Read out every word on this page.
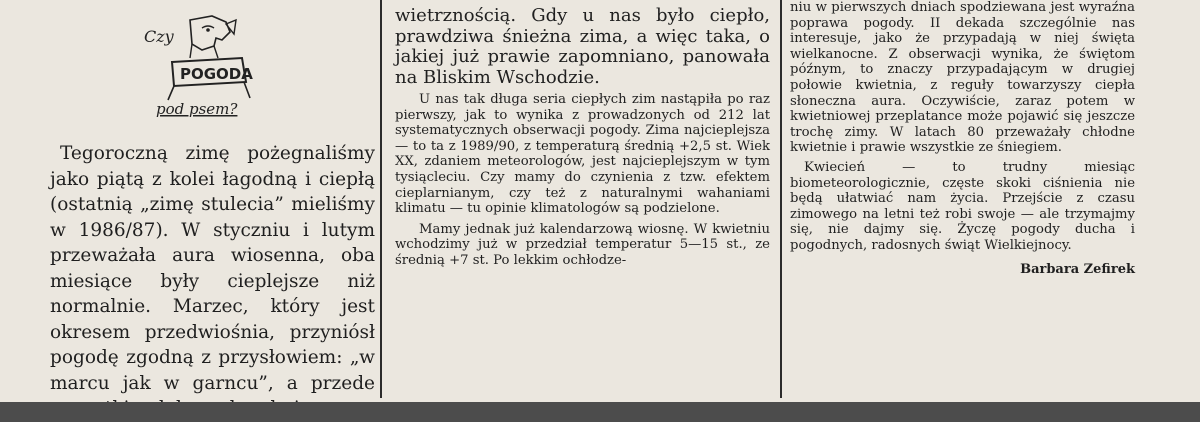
Czy
POGODA
pod psem?
Tegoroczną zimę pożegnaliśmy jako piątą z kolei łagodną i ciepłą (ostatnią „zimę stulecia” mieliśmy w 1986/87). W styczniu i lutym przeważała aura wiosenna, oba miesiące były cieplejsze niż normalnie. Marzec, który jest okresem przedwiośnia, przyniósł pogodę zgodną z przysłowiem: „w marcu jak w garncu”, a przede

wietrznością. Gdy u nas było ciepło, prawdziwa śnieżna zima, a więc taka, o jakiej już prawie zapomniano, panowała na Bliskim Wschodzie.

U nas tak długa seria ciepłych zim nastąpiła po raz pierwszy, jak to wynika z prowadzonych od 212 lat systematycznych obserwacji pogody. Zima najcieplejsza — to ta z 1989/90, z temperaturą średnią +2,5 st. Wiek XX, zdaniem meteorologów, jest najcieplejszym w tym tysiącleciu. Czy mamy do czynienia z tzw. efektem cieplarnianym, czy też z naturalnymi wahaniami klimatu — tu opinie klimatologów są podzielone.

Mamy jednak już kalendarzową wiosnę. W kwietniu wchodzimy już w przedział temperatur 5—15 st., ze średnią +7 st. Po lekkim ochłodze-

niu w pierwszych dniach spodziewana jest wyraźna poprawa pogody. II dekada szczególnie nas interesuje, jako że przypadają w niej święta wielkanocne. Z obserwacji wynika, że świętom późnym, to znaczy przypadającym w drugiej połowie kwietnia, z reguły towarzyszy ciepła słoneczna aura. Oczywiście, zaraz potem w kwietniowej przeplatance może pojawić się jeszcze trochę zimy. W latach 80 przeważały chłodne kwietnie i prawie wszystkie ze śniegiem.

Kwiecień — to trudny miesiąc biometeorologicznie, częste skoki ciśnienia nie będą ułatwiać nam życia. Przejście z czasu zimowego na letni też robi swoje — ale trzymajmy się, nie dajmy się. Życzę pogody ducha i pogodnych, radosnych świąt Wielkiejnocy.

Barbara Zefirek
